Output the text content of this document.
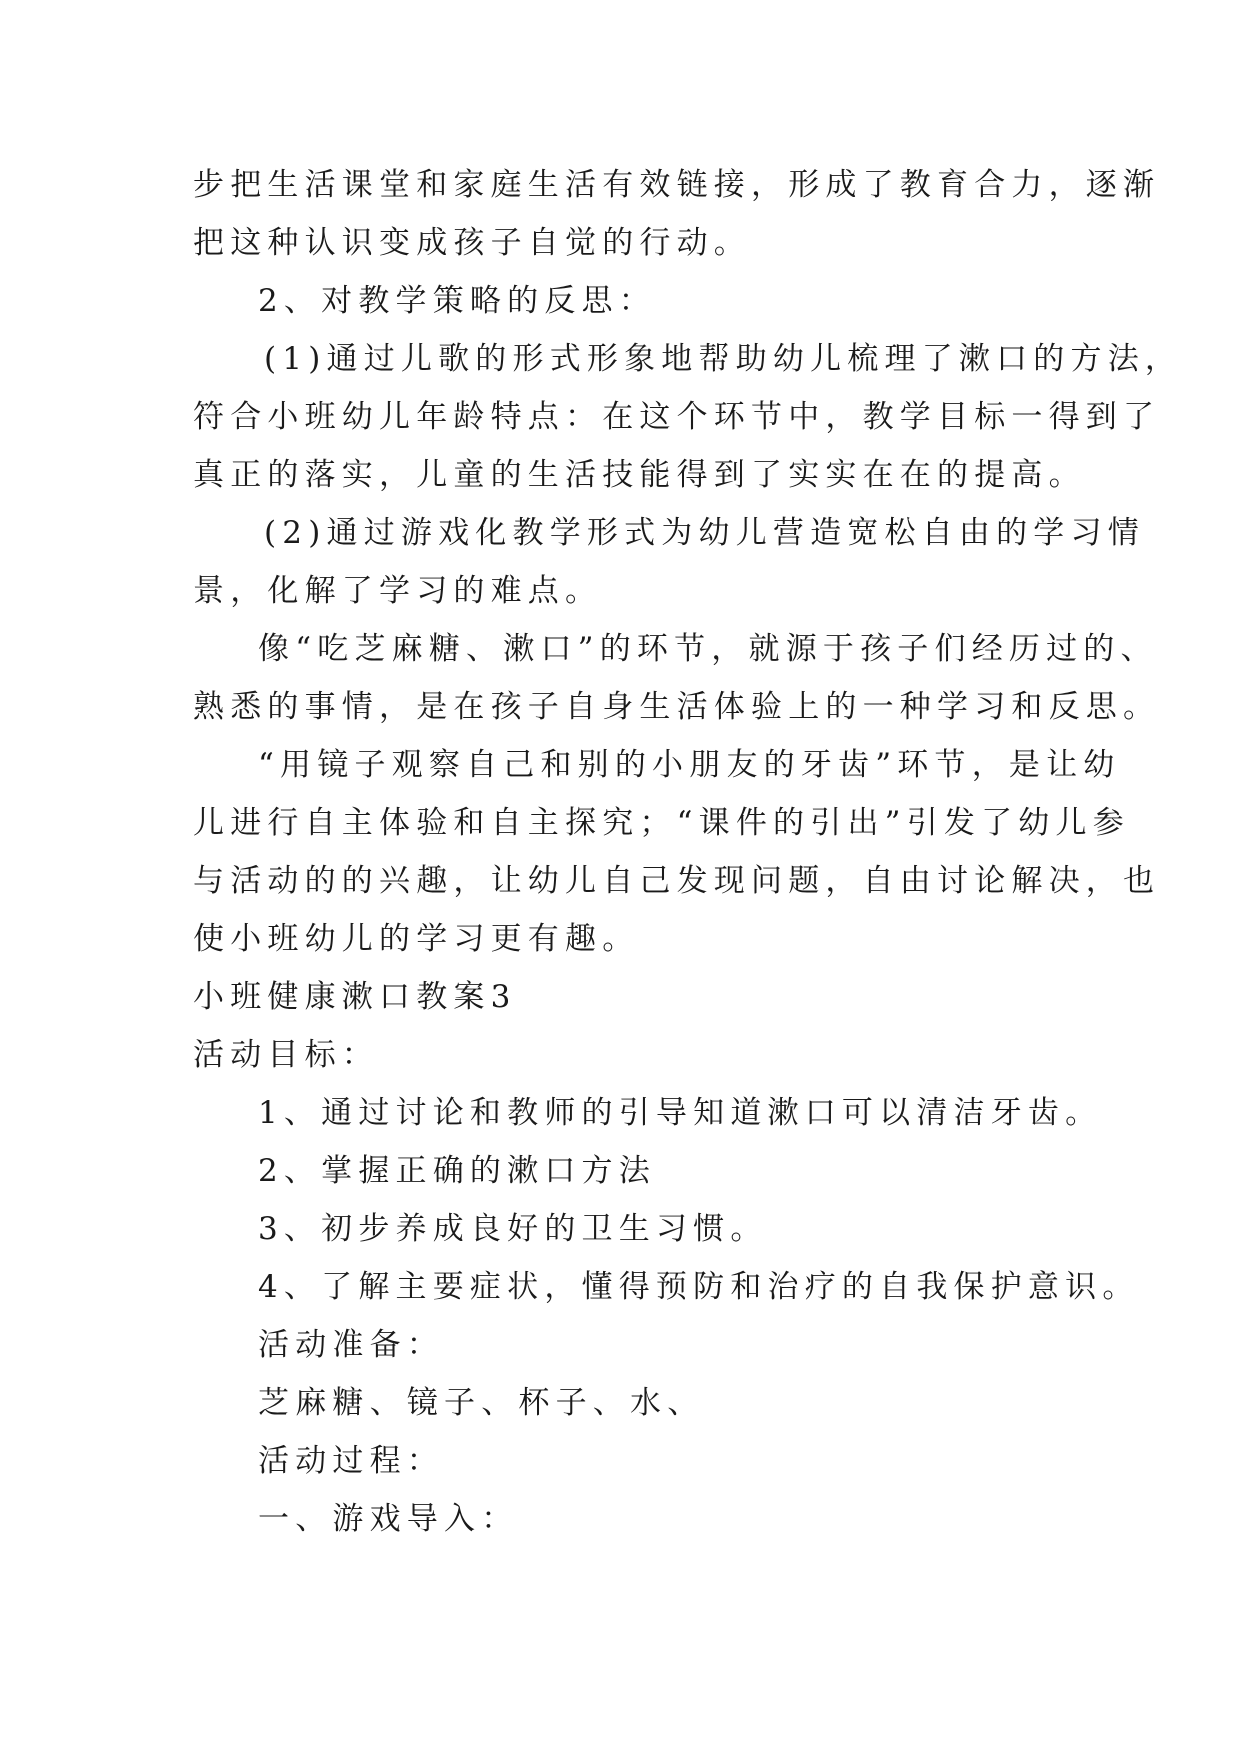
步把生活课堂和家庭生活有效链接，形成了教育合力，逐渐
把这种认识变成孩子自觉的行动。
2、对教学策略的反思：
(1)通过儿歌的形式形象地帮助幼儿梳理了漱口的方法，
符合小班幼儿年龄特点：在这个环节中，教学目标一得到了
真正的落实，儿童的生活技能得到了实实在在的提高。
(2)通过游戏化教学形式为幼儿营造宽松自由的学习情
景，化解了学习的难点。
像“吃芝麻糖、漱口”的环节，就源于孩子们经历过的、
熟悉的事情，是在孩子自身生活体验上的一种学习和反思。
“用镜子观察自己和别的小朋友的牙齿”环节，是让幼
儿进行自主体验和自主探究；“课件的引出”引发了幼儿参
与活动的的兴趣，让幼儿自己发现问题，自由讨论解决，也
使小班幼儿的学习更有趣。
小班健康漱口教案3
活动目标：
1、通过讨论和教师的引导知道漱口可以清洁牙齿。
2、掌握正确的漱口方法
3、初步养成良好的卫生习惯。
4、了解主要症状，懂得预防和治疗的自我保护意识。
活动准备：
芝麻糖、镜子、杯子、水、
活动过程：
一、游戏导入：
